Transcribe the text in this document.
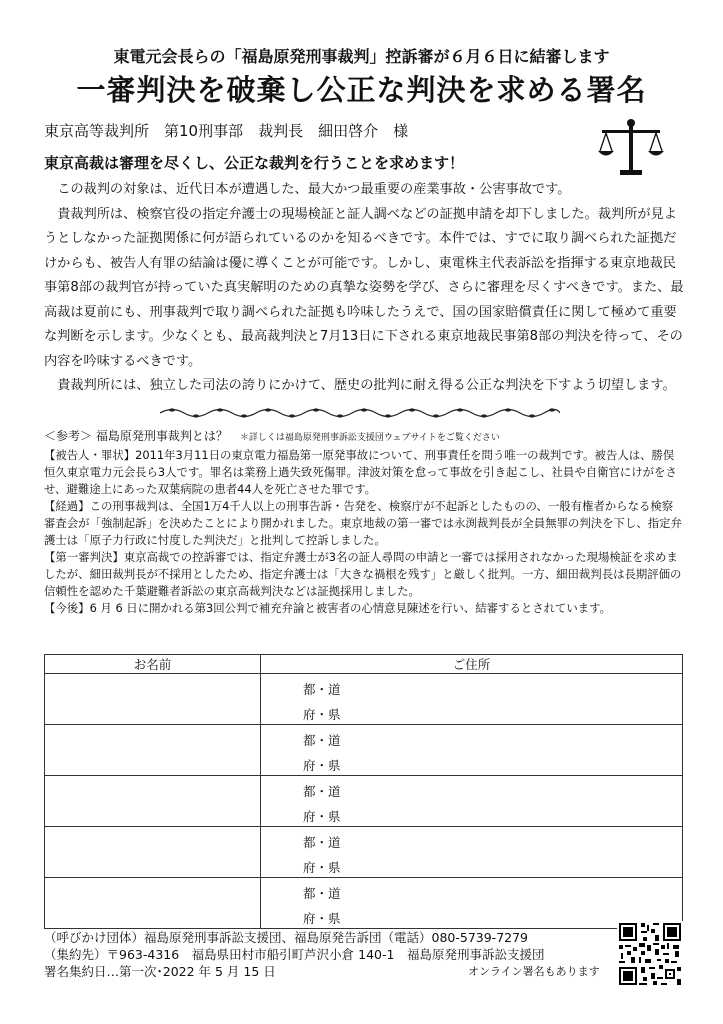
東電元会長らの「福島原発刑事裁判」控訴審が６月６日に結審します
一審判決を破棄し公正な判決を求める署名
東京高等裁判所　第10刑事部　裁判長　細田啓介　様
東京高裁は審理を尽くし、公正な裁判を行うことを求めます！

この裁判の対象は、近代日本が遭遇した、最大かつ最重要の産業事故・公害事故です。

貴裁判所は、検察官役の指定弁護士の現場検証と証人調べなどの証拠申請を却下しました。裁判所が見ようとしなかった証拠関係に何が語られているのかを知るべきです。本件では、すでに取り調べられた証拠だけからも、被告人有罪の結論は優に導くことが可能です。しかし、東電株主代表訴訟を指揮する東京地裁民事第8部の裁判官が持っていた真実解明のための真摯な姿勢を学び、さらに審理を尽くすべきです。また、最高裁は夏前にも、刑事裁判で取り調べられた証拠も吟味したうえで、国の国家賠償責任に関して極めて重要な判断を示します。少なくとも、最高裁判決と7月13日に下される東京地裁民事第8部の判決を待って、その内容を吟味するべきです。

貴裁判所には、独立した司法の誇りにかけて、歴史の批判に耐え得る公正な判決を下すよう切望します。

＜参考＞ 福島原発刑事裁判とは？　 ＊詳しくは福島原発刑事訴訟支援団ウェブサイトをご覧ください

【被告人・罪状】2011年3月11日の東京電力福島第一原発事故について、刑事責任を問う唯一の裁判です。被告人は、勝俣恒久東京電力元会長ら3人です。罪名は業務上過失致死傷罪。津波対策を怠って事故を引き起こし、社員や自衛官にけがをさせ、避難途上にあった双葉病院の患者44人を死亡させた罪です。

【経過】この刑事裁判は、全国1万4千人以上の刑事告訴・告発を、検察庁が不起訴としたものの、一般有権者からなる検察審査会が「強制起訴」を決めたことにより開かれました。東京地裁の第一審では永渕裁判長が全員無罪の判決を下し、指定弁護士は「原子力行政に忖度した判決だ」と批判して控訴しました。

【第一審判決】東京高裁での控訴審では、指定弁護士が3名の証人尋問の申請と一審では採用されなかった現場検証を求めましたが、細田裁判長が不採用としたため、指定弁護士は「大きな禍根を残す」と厳しく批判。一方、細田裁判長は長期評価の信頼性を認めた千葉避難者訴訟の東京高裁判決などは証拠採用しました。

【今後】6 月 6 日に開かれる第3回公判で補充弁論と被害者の心情意見陳述を行い、結審するとされています。

お名前	ご住所

	都・道
府・県

	都・道
府・県

	都・道
府・県

	都・道
府・県

	都・道
府・県

（呼びかけ団体）福島原発刑事訴訟支援団、福島原発告訴団（電話）080-5739-7279

（集約先）〒963-4316　福島県田村市船引町芦沢小倉 140-1　福島原発刑事訴訟支援団

署名集約日…第一次･2022 年 5 月 15 日	オンライン署名もあります
